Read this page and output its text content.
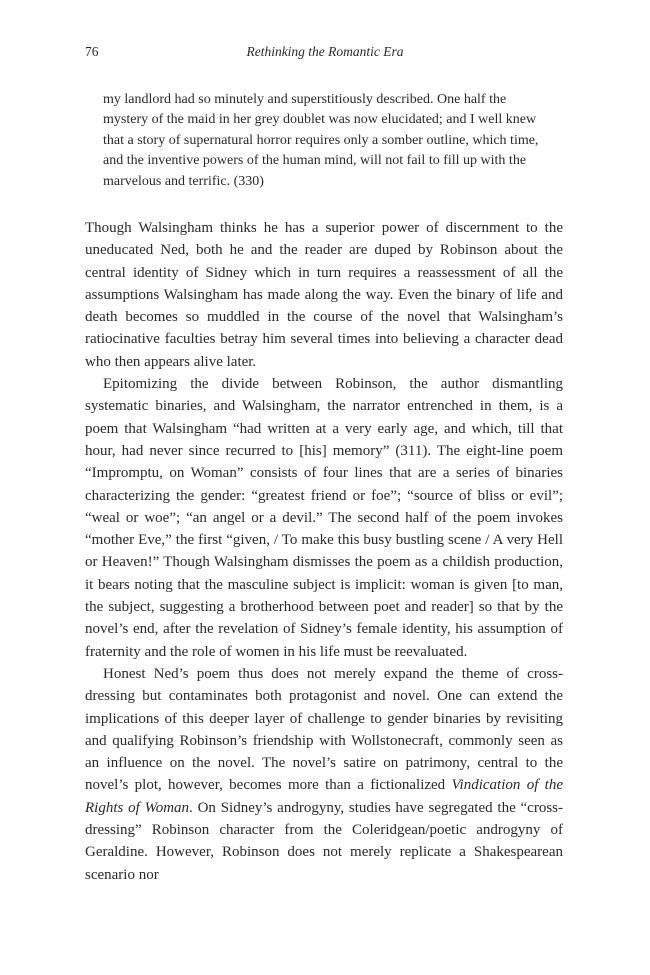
76	Rethinking the Romantic Era

my landlord had so minutely and superstitiously described. One half the mystery of the maid in her grey doublet was now elucidated; and I well knew that a story of supernatural horror requires only a somber outline, which time, and the inventive powers of the human mind, will not fail to fill up with the marvelous and terrific. (330)

Though Walsingham thinks he has a superior power of discernment to the uneducated Ned, both he and the reader are duped by Robinson about the central identity of Sidney which in turn requires a reassessment of all the assumptions Walsingham has made along the way. Even the binary of life and death becomes so muddled in the course of the novel that Walsingham’s ratiocinative faculties betray him several times into believing a character dead who then appears alive later.

Epitomizing the divide between Robinson, the author dismantling systematic binaries, and Walsingham, the narrator entrenched in them, is a poem that Walsingham “had written at a very early age, and which, till that hour, had never since recurred to [his] memory” (311). The eight-line poem “Impromptu, on Woman” consists of four lines that are a series of binaries characterizing the gender: “greatest friend or foe”; “source of bliss or evil”; “weal or woe”; “an angel or a devil.” The second half of the poem invokes “mother Eve,” the first “given, / To make this busy bustling scene / A very Hell or Heaven!” Though Walsingham dismisses the poem as a childish production, it bears noting that the masculine subject is implicit: woman is given [to man, the subject, suggesting a brotherhood between poet and reader] so that by the novel’s end, after the revelation of Sidney’s female identity, his assumption of fraternity and the role of women in his life must be reevaluated.

Honest Ned’s poem thus does not merely expand the theme of cross-dressing but contaminates both protagonist and novel. One can extend the implications of this deeper layer of challenge to gender binaries by revisiting and qualifying Robinson’s friendship with Wollstonecraft, commonly seen as an influence on the novel. The novel’s satire on patrimony, central to the novel’s plot, however, becomes more than a fictionalized Vindication of the Rights of Woman. On Sidney’s androgyny, studies have segregated the “cross-dressing” Robinson character from the Coleridgean/poetic androgyny of Geraldine. However, Robinson does not merely replicate a Shakespearean scenario nor
